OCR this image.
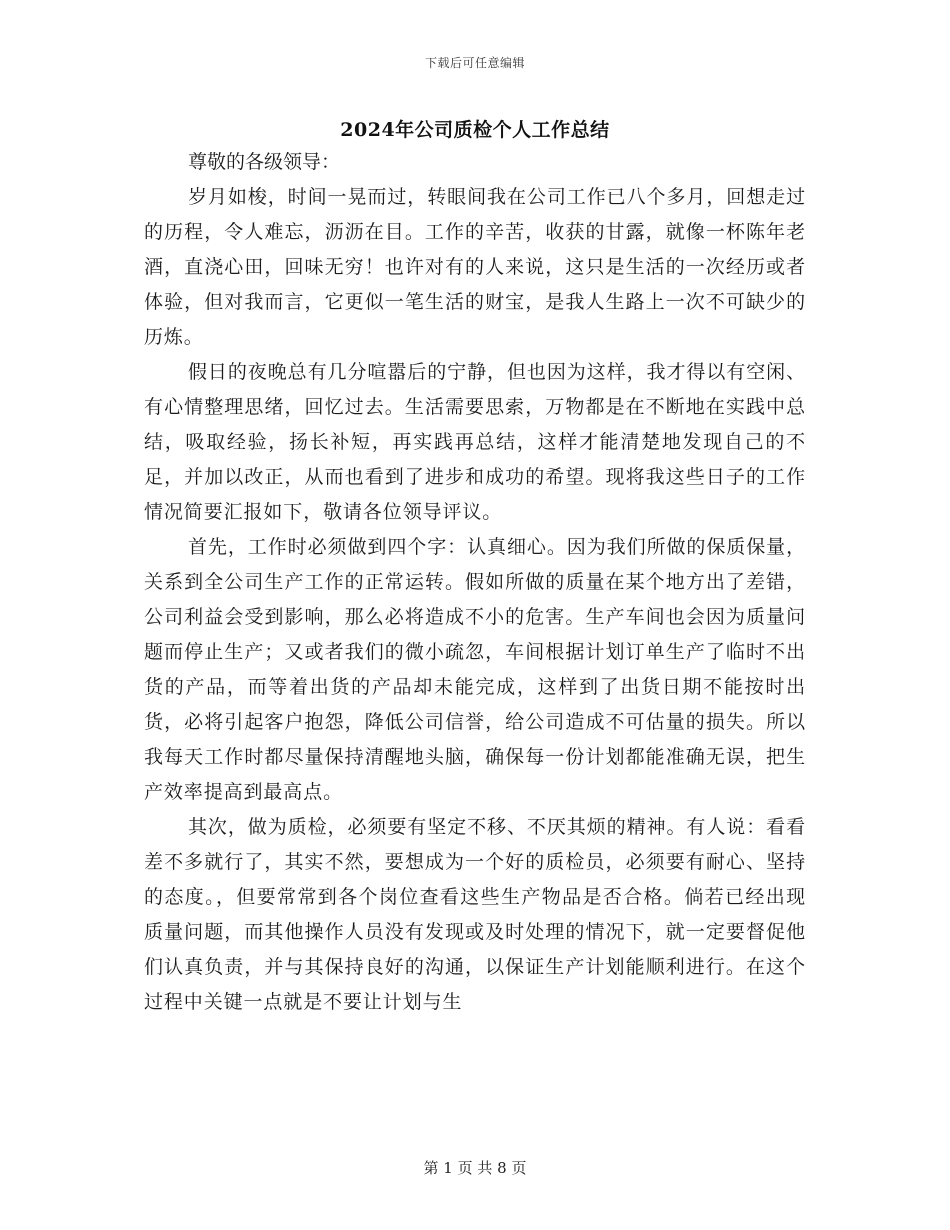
下载后可任意编辑
2024年公司质检个人工作总结

尊敬的各级领导：

岁月如梭，时间一晃而过，转眼间我在公司工作已八个多月，回想走过的历程，令人难忘，沥沥在目。工作的辛苦，收获的甘露，就像一杯陈年老酒，直浇心田，回味无穷！也许对有的人来说，这只是生活的一次经历或者体验，但对我而言，它更似一笔生活的财宝，是我人生路上一次不可缺少的历炼。

假日的夜晚总有几分喧嚣后的宁静，但也因为这样，我才得以有空闲、有心情整理思绪，回忆过去。生活需要思索，万物都是在不断地在实践中总结，吸取经验，扬长补短，再实践再总结，这样才能清楚地发现自己的不足，并加以改正，从而也看到了进步和成功的希望。现将我这些日子的工作情况简要汇报如下，敬请各位领导评议。

首先，工作时必须做到四个字：认真细心。因为我们所做的保质保量，关系到全公司生产工作的正常运转。假如所做的质量在某个地方出了差错，公司利益会受到影响，那么必将造成不小的危害。生产车间也会因为质量问题而停止生产；又或者我们的微小疏忽，车间根据计划订单生产了临时不出货的产品，而等着出货的产品却未能完成，这样到了出货日期不能按时出货，必将引起客户抱怨，降低公司信誉，给公司造成不可估量的损失。所以我每天工作时都尽量保持清醒地头脑，确保每一份计划都能准确无误，把生产效率提高到最高点。

其次，做为质检，必须要有坚定不移、不厌其烦的精神。有人说：看看差不多就行了，其实不然，要想成为一个好的质检员，必须要有耐心、坚持的态度。，但要常常到各个岗位查看这些生产物品是否合格。倘若已经出现质量问题，而其他操作人员没有发现或及时处理的情况下，就一定要督促他们认真负责，并与其保持良好的沟通，以保证生产计划能顺利进行。在这个过程中关键一点就是不要让计划与生

第 1 页 共 8 页
